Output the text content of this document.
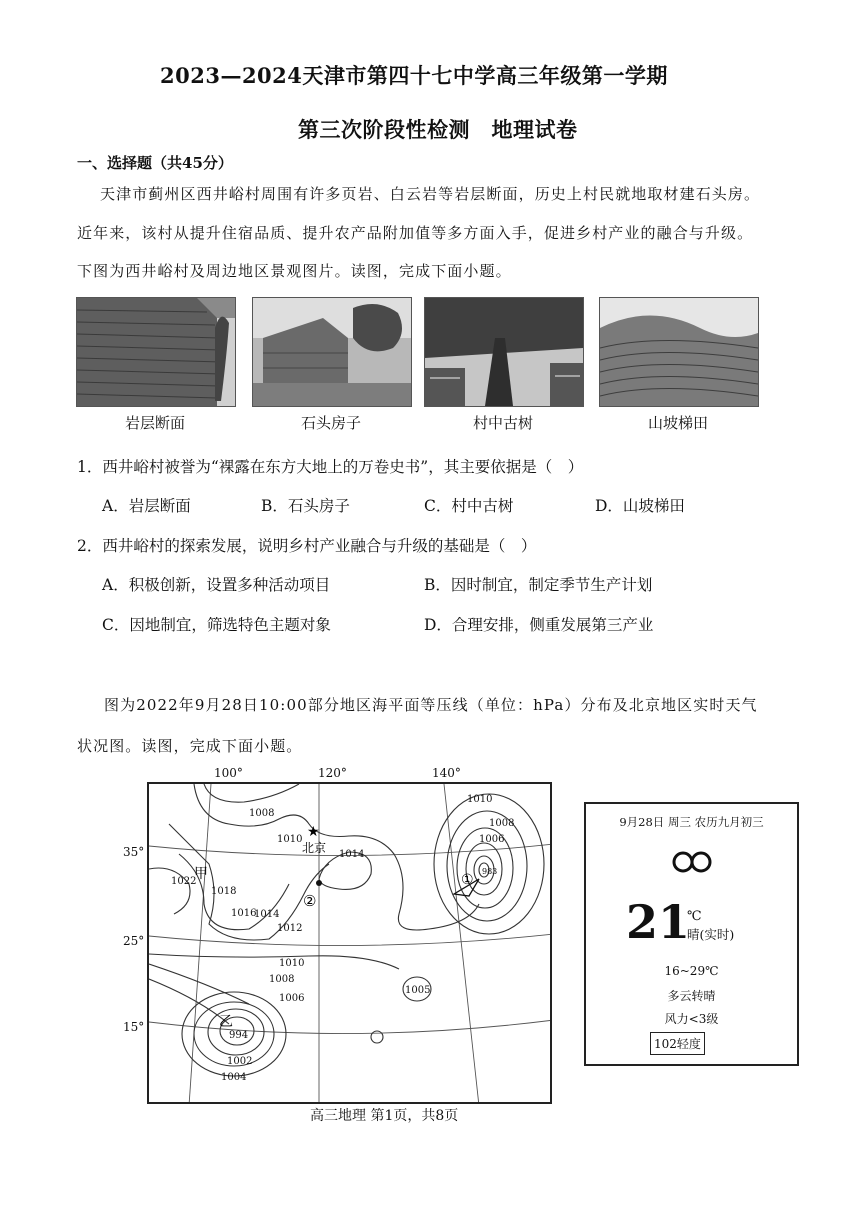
2023—2024天津市第四十七中学高三年级第一学期
第三次阶段性检测　地理试卷
一、选择题（共45分）
天津市蓟州区西井峪村周围有许多页岩、白云岩等岩层断面，历史上村民就地取材建石头房。
近年来，该村从提升住宿品质、提升农产品附加值等多方面入手，促进乡村产业的融合与升级。
下图为西井峪村及周边地区景观图片。读图，完成下面小题。
岩层断面	石头房子	村中古树	山坡梯田
1．西井峪村被誉为“裸露在东方大地上的万卷史书”，其主要依据是（　）
A．岩层断面	B．石头房子	C．村中古树	D．山坡梯田
2．西井峪村的探索发展，说明乡村产业融合与升级的基础是（　）
A．积极创新，设置多种活动项目	B．因时制宜，制定季节生产计划
C．因地制宜，筛选特色主题对象	D．合理安排，侧重发展第三产业
图为2022年9月28日10:00部分地区海平面等压线（单位：hPa）分布及北京地区实时天气
状况图。读图，完成下面小题。
100°	120°	140°
35°
25°
15°
1008
1010
1014
1018
1016
1014
1012
1022
1010
1008
1006
1010
1008
1006
1002
1004
994
1005
983
★
北京
甲
乙
②
①
9月28日 周三 农历九月初三
21
℃
晴(实时)
16~29℃
多云转晴
风力<3级
102轻度
高三地理 第1页，共8页
